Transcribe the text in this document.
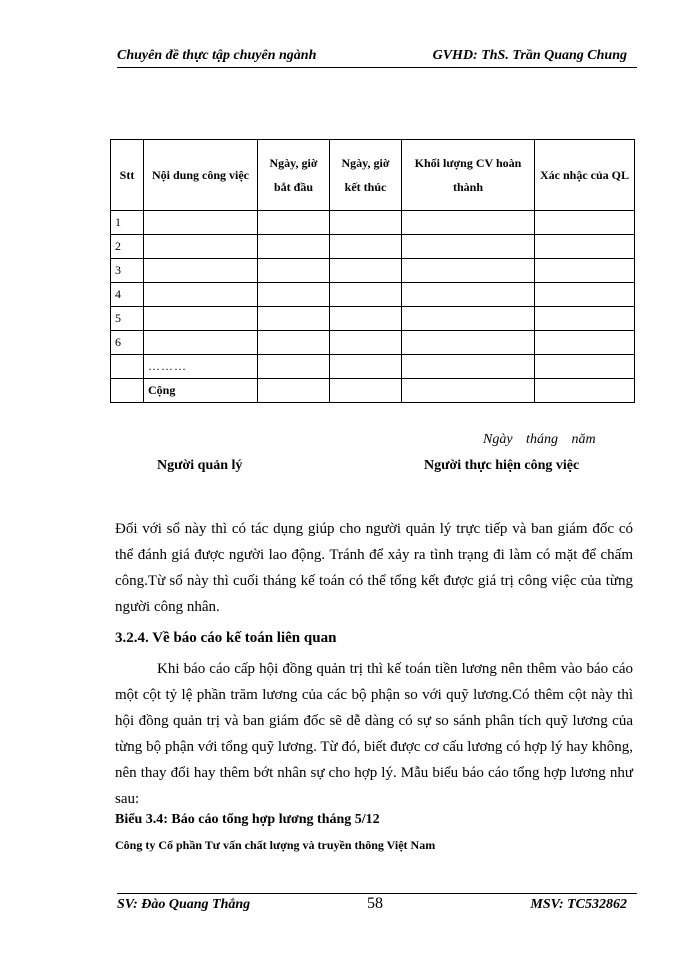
Chuyên đề thực tập chuyên ngành	GVHD: ThS. Trần Quang Chung
Stt	Nội dung công việc	Ngày, giờ bắt đầu	Ngày, giờ kết thúc	Khối lượng CV hoàn thành	Xác nhậc của QL
1					
2					
3					
4					
5					
6					
	………				
	Cộng				
Ngày tháng năm
Người quản lý	Người thực hiện công việc
Đối với sổ này thì có tác dụng giúp cho người quản lý trực tiếp và ban giám đốc có thể đánh giá được người lao động. Tránh để xảy ra tình trạng đi làm có mặt để chấm công.Từ sổ này thì cuối tháng kế toán có thể tổng kết được giá trị công việc của từng người công nhân.
3.2.4. Về báo cáo kế toán liên quan
Khi báo cáo cấp hội đồng quản trị thì kế toán tiền lương nên thêm vào báo cáo một cột tỷ lệ phần trăm lương của các bộ phận so với quỹ lương.Có thêm cột này thì hội đồng quản trị và ban giám đốc sẽ dễ dàng có sự so sánh phân tích quỹ lương của từng bộ phận với tổng quỹ lương. Từ đó, biết được cơ cấu lương có hợp lý hay không, nên thay đổi hay thêm bớt nhân sự cho hợp lý. Mẫu biểu báo cáo tổng hợp lương như sau:
Biểu 3.4: Báo cáo tổng hợp lương tháng 5/12
Công ty Cổ phần Tư vấn chất lượng và truyền thông Việt Nam
SV: Đào Quang Thắng	58	MSV: TC532862
